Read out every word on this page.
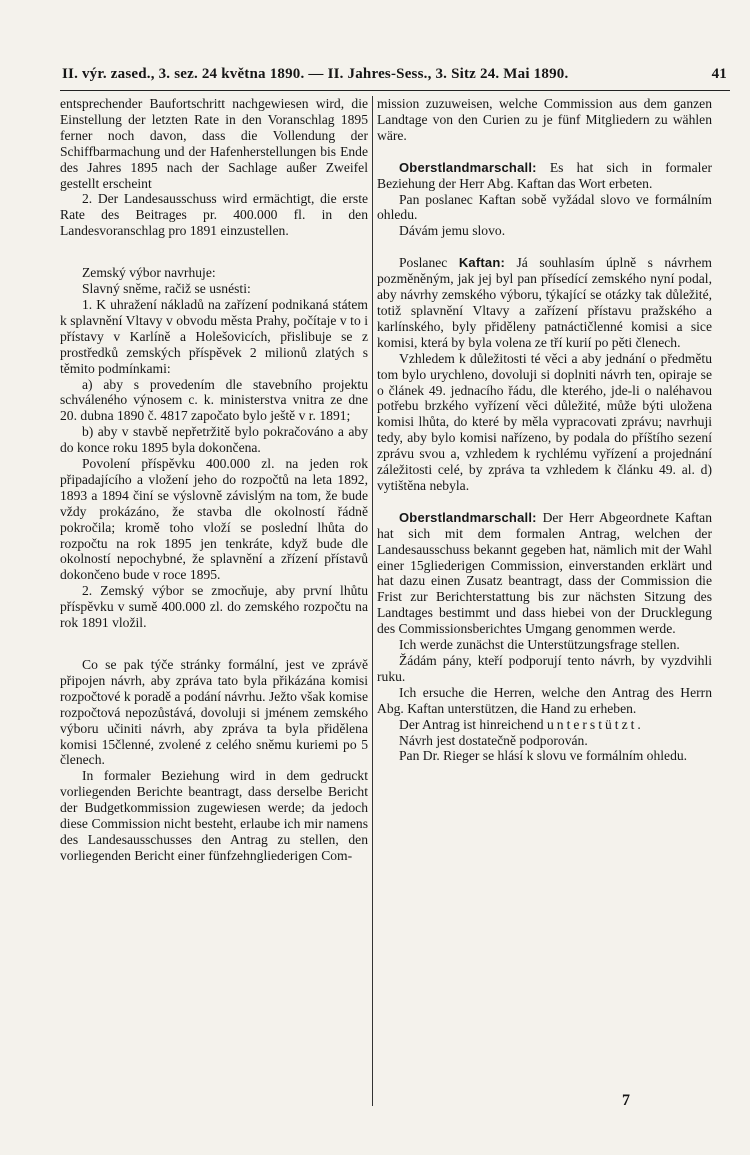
II. výr. zased., 3. sez. 24 května 1890. — II. Jahres-Sess., 3. Sitz 24. Mai 1890.	41

entsprechender Baufortschritt nachgewiesen wird, die Einstellung der letzten Rate in den Voranschlag 1895 ferner noch davon, dass die Vollendung der Schiffbarmachung und der Hafenherstellungen bis Ende des Jahres 1895 nach der Sachlage außer Zweifel gestellt erscheint

2. Der Landesausschuss wird ermächtigt, die erste Rate des Beitrages pr. 400.000 fl. in den Landesvoranschlag pro 1891 einzustellen.

Zemský výbor navrhuje:

Slavný sněme, račiž se usnésti:

1. K uhražení nákladů na zařízení podnikaná státem k splavnění Vltavy v obvodu města Prahy, počítaje v to i přístavy v Karlíně a Holešovicích, přislibuje se z prostředků zemských příspěvek 2 milionů zlatých s těmito podmínkami:

a) aby s provedením dle stavebního projektu schváleného výnosem c. k. ministerstva vnitra ze dne 20. dubna 1890 č. 4817 započato bylo ještě v r. 1891;

b) aby v stavbě nepřetržitě bylo pokračováno a aby do konce roku 1895 byla dokončena.

Povolení příspěvku 400.000 zl. na jeden rok připadajícího a vložení jeho do rozpočtů na leta 1892, 1893 a 1894 činí se výslovně závislým na tom, že bude vždy prokázáno, že stavba dle okolností řádně pokročila; kromě toho vloží se poslední lhůta do rozpočtu na rok 1895 jen tenkráte, když bude dle okolností nepochybné, že splavnění a zřízení přístavů dokončeno bude v roce 1895.

2. Zemský výbor se zmocňuje, aby první lhůtu příspěvku v sumě 400.000 zl. do zemského rozpočtu na rok 1891 vložil.

Co se pak týče stránky formální, jest ve zprávě připojen návrh, aby zpráva tato byla přikázána komisi rozpočtové k poradě a podání návrhu. Ježto však komise rozpočtová nepozůstává, dovoluji si jménem zemského výboru učiniti návrh, aby zpráva ta byla přidělena komisi 15členné, zvolené z celého sněmu kuriemi po 5 členech.

In formaler Beziehung wird in dem gedruckt vorliegenden Berichte beantragt, dass derselbe Bericht der Budgetkommission zugewiesen werde; da jedoch diese Commission nicht besteht, erlaube ich mir namens des Landesausschusses den Antrag zu stellen, den vorliegenden Bericht einer fünfzehngliederigen Com-

mission zuzuweisen, welche Commission aus dem ganzen Landtage von den Curien zu je fünf Mitgliedern zu wählen wäre.

Oberstlandmarschall: Es hat sich in formaler Beziehung der Herr Abg. Kaftan das Wort erbeten.

Pan poslanec Kaftan sobě vyžádal slovo ve formálním ohledu.

Dávám jemu slovo.

Poslanec Kaftan: Já souhlasím úplně s návrhem pozměněným, jak jej byl pan přísedící zemského nyní podal, aby návrhy zemského výboru, týkající se otázky tak důležité, totiž splavnění Vltavy a zařízení přístavu pražského a karlínského, byly přiděleny patnáctičlenné komisi a sice komisi, která by byla volena ze tří kurií po pěti členech.

Vzhledem k důležitosti té věci a aby jednání o předmětu tom bylo urychleno, dovoluji si doplniti návrh ten, opiraje se o článek 49. jednacího řádu, dle kterého, jde-li o naléhavou potřebu brzkého vyřízení věci důležité, může býti uložena komisi lhůta, do které by měla vypracovati zprávu; navrhuji tedy, aby bylo komisi nařízeno, by podala do příštího sezení zprávu svou a, vzhledem k rychlému vyřízení a projednání záležitosti celé, by zpráva ta vzhledem k článku 49. al. d) vytištěna nebyla.

Oberstlandmarschall: Der Herr Abgeordnete Kaftan hat sich mit dem formalen Antrag, welchen der Landesausschuss bekannt gegeben hat, nämlich mit der Wahl einer 15gliederigen Commission, einverstanden erklärt und hat dazu einen Zusatz beantragt, dass der Commission die Frist zur Berichterstattung bis zur nächsten Sitzung des Landtages bestimmt und dass hiebei von der Drucklegung des Commissionsberichtes Umgang genommen werde.

Ich werde zunächst die Unterstützungsfrage stellen.

Žádám pány, kteří podporují tento návrh, by vyzdvihli ruku.

Ich ersuche die Herren, welche den Antrag des Herrn Abg. Kaftan unterstützen, die Hand zu erheben.

Der Antrag ist hinreichend unterstützt.

Návrh jest dostatečně podporován.

Pan Dr. Rieger se hlásí k slovu ve formálním ohledu.

7
